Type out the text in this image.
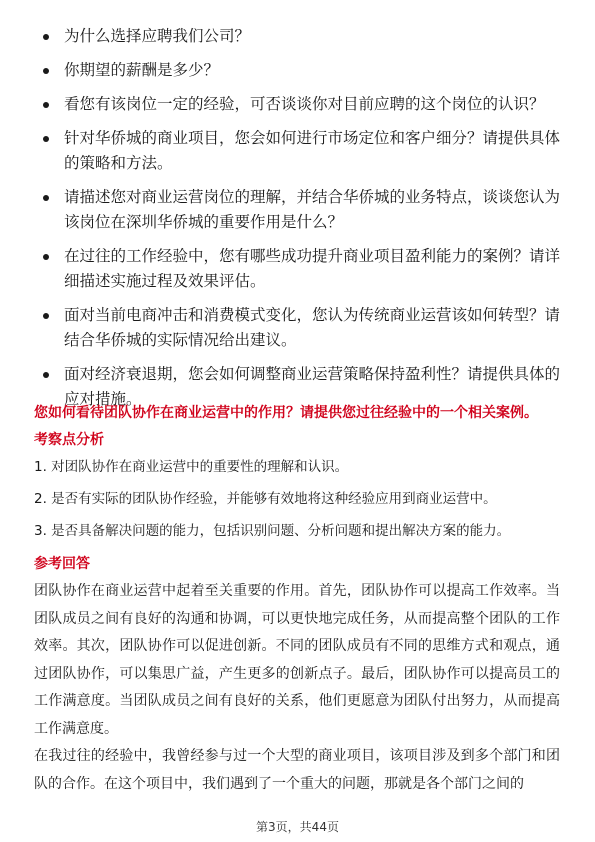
为什么选择应聘我们公司？
你期望的薪酬是多少？
看您有该岗位一定的经验，可否谈谈你对目前应聘的这个岗位的认识？
针对华侨城的商业项目，您会如何进行市场定位和客户细分？请提供具体的策略和方法。
请描述您对商业运营岗位的理解，并结合华侨城的业务特点，谈谈您认为该岗位在深圳华侨城的重要作用是什么？
在过往的工作经验中，您有哪些成功提升商业项目盈利能力的案例？请详细描述实施过程及效果评估。
面对当前电商冲击和消费模式变化，您认为传统商业运营该如何转型？请结合华侨城的实际情况给出建议。
面对经济衰退期，您会如何调整商业运营策略保持盈利性？请提供具体的应对措施。
您如何看待团队协作在商业运营中的作用？请提供您过往经验中的一个相关案例。
考察点分析
1. 对团队协作在商业运营中的重要性的理解和认识。
2. 是否有实际的团队协作经验，并能够有效地将这种经验应用到商业运营中。
3. 是否具备解决问题的能力，包括识别问题、分析问题和提出解决方案的能力。
参考回答

团队协作在商业运营中起着至关重要的作用。首先，团队协作可以提高工作效率。当团队成员之间有良好的沟通和协调，可以更快地完成任务，从而提高整个团队的工作效率。其次，团队协作可以促进创新。不同的团队成员有不同的思维方式和观点，通过团队协作，可以集思广益，产生更多的创新点子。最后，团队协作可以提高员工的工作满意度。当团队成员之间有良好的关系，他们更愿意为团队付出努力，从而提高工作满意度。

在我过往的经验中，我曾经参与过一个大型的商业项目，该项目涉及到多个部门和团队的合作。在这个项目中，我们遇到了一个重大的问题，那就是各个部门之间的

第3页，共44页
